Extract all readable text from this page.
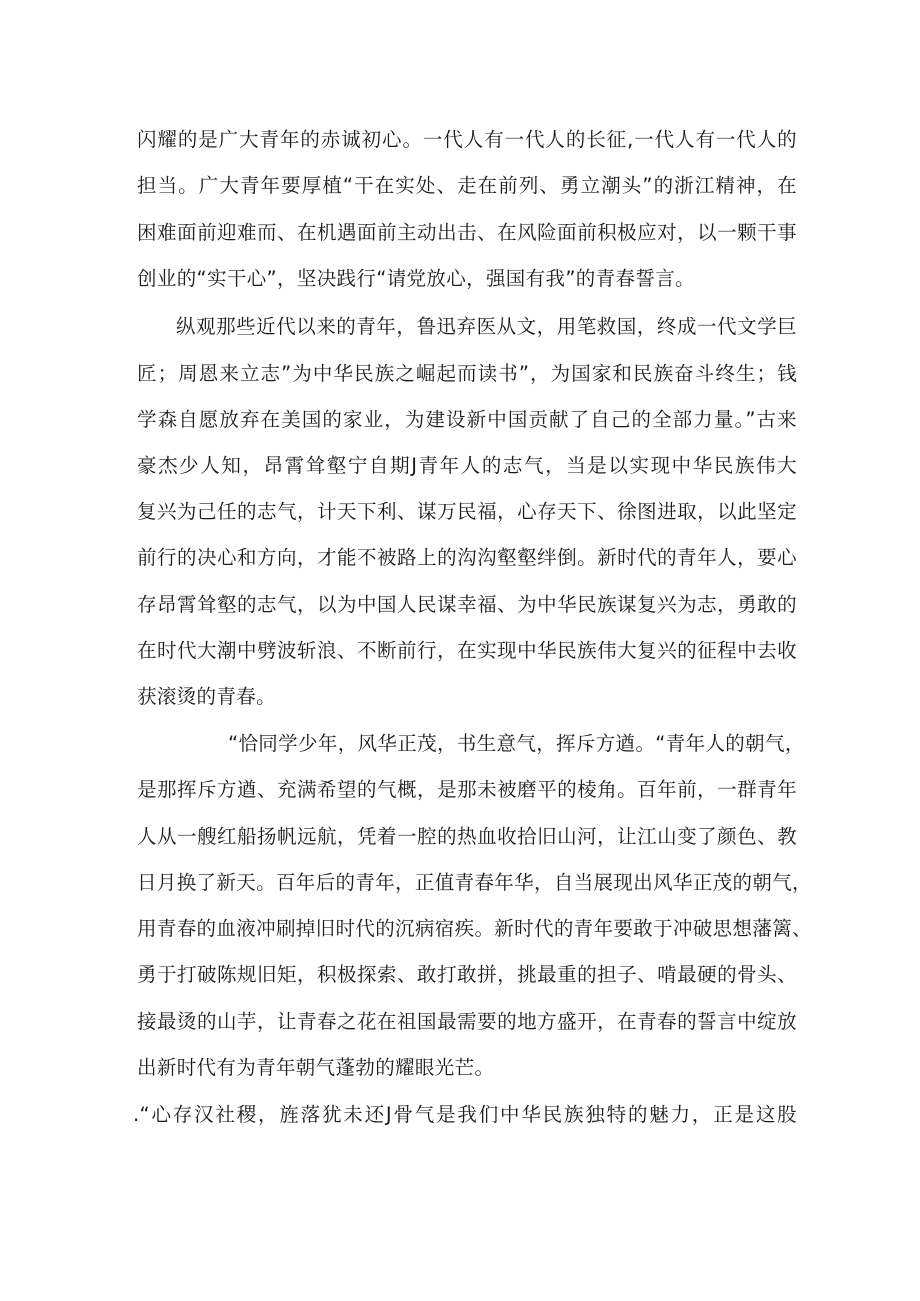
闪耀的是广大青年的赤诚初心。一代人有一代人的长征,一代人有一代人的
担当。广大青年要厚植“干在实处、走在前列、勇立潮头”的浙江精神，在
困难面前迎难而、在机遇面前主动出击、在风险面前积极应对，以一颗干事
创业的“实干心”，坚决践行“请党放心，强国有我”的青春誓言。
纵观那些近代以来的青年，鲁迅弃医从文，用笔救国，终成一代文学巨
匠；周恩来立志”为中华民族之崛起而读书”，为国家和民族奋斗终生；钱
学森自愿放弃在美国的家业，为建设新中国贡献了自己的全部力量。”古来
豪杰少人知，昂霄耸壑宁自期J青年人的志气，当是以实现中华民族伟大
复兴为己任的志气，计天下利、谋万民福，心存天下、徐图进取，以此坚定
前行的决心和方向，才能不被路上的沟沟壑壑绊倒。新时代的青年人，要心
存昂霄耸壑的志气，以为中国人民谋幸福、为中华民族谋复兴为志，勇敢的
在时代大潮中劈波斩浪、不断前行，在实现中华民族伟大复兴的征程中去收
获滚烫的青春。
“恰同学少年，风华正茂，书生意气，挥斥方遒。“青年人的朝气，
是那挥斥方遒、充满希望的气概，是那未被磨平的棱角。百年前，一群青年
人从一艘红船扬帆远航，凭着一腔的热血收拾旧山河，让江山变了颜色、教
日月换了新天。百年后的青年，正值青春年华，自当展现出风华正茂的朝气，
用青春的血液冲刷掉旧时代的沉病宿疾。新时代的青年要敢于冲破思想藩篱、
勇于打破陈规旧矩，积极探索、敢打敢拼，挑最重的担子、啃最硬的骨头、
接最烫的山芋，让青春之花在祖国最需要的地方盛开，在青春的誓言中绽放
出新时代有为青年朝气蓬勃的耀眼光芒。
.“心存汉社稷，旌落犹未还J骨气是我们中华民族独特的魅力，正是这股
